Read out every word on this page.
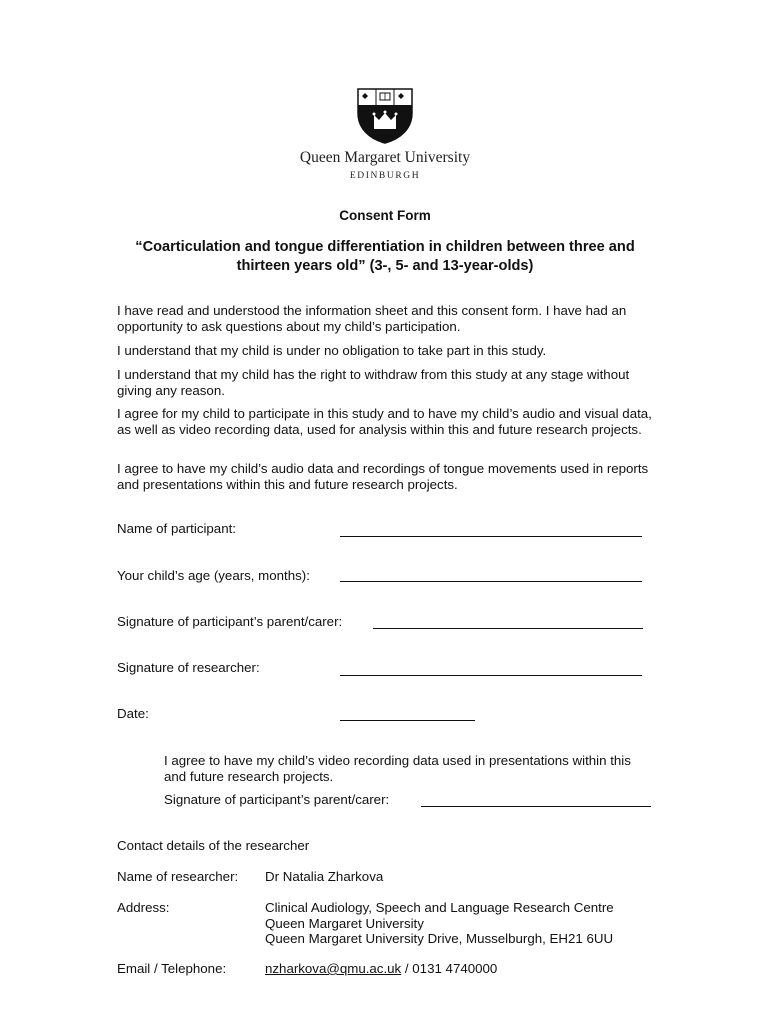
Queen Margaret University
EDINBURGH
Consent Form
“Coarticulation and tongue differentiation in children between three and thirteen years old” (3-, 5- and 13-year-olds)
I have read and understood the information sheet and this consent form. I have had an opportunity to ask questions about my child’s participation.
I understand that my child is under no obligation to take part in this study.
I understand that my child has the right to withdraw from this study at any stage without giving any reason.
I agree for my child to participate in this study and to have my child’s audio and visual data, as well as video recording data, used for analysis within this and future research projects.
I agree to have my child’s audio data and recordings of tongue movements used in reports and presentations within this and future research projects.
Name of participant:
Your child’s age (years, months):
Signature of participant’s parent/carer:
Signature of researcher:
Date:
I agree to have my child’s video recording data used in presentations within this and future research projects.
Signature of participant’s parent/carer:
Contact details of the researcher
Name of researcher: Dr Natalia Zharkova
Address:	Clinical Audiology, Speech and Language Research Centre
Queen Margaret University
Queen Margaret University Drive, Musselburgh, EH21 6UU
Email / Telephone:	nzharkova@qmu.ac.uk / 0131 4740000
